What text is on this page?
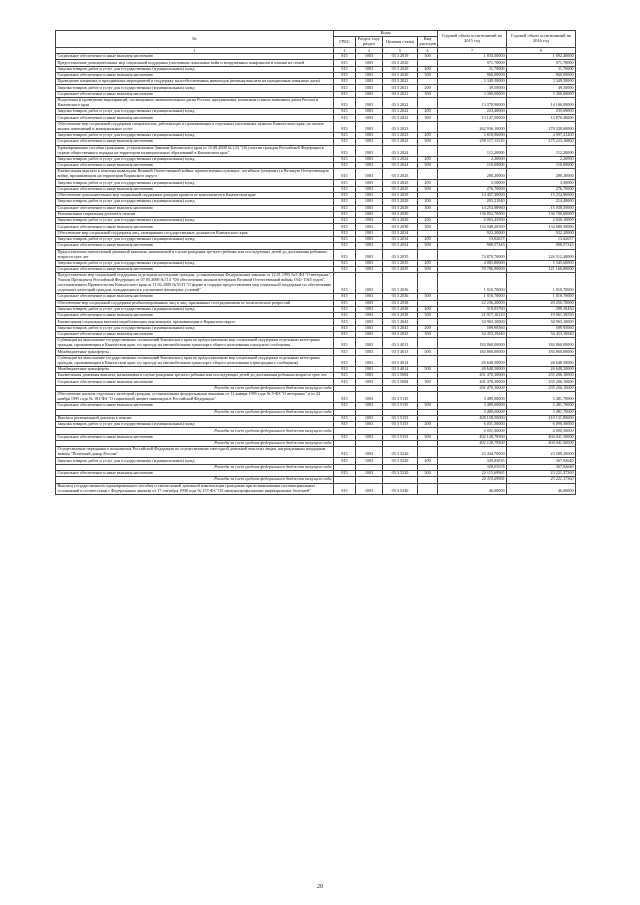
№	Коды				Годовой объем ассигнований на 2015 год	Годовой объем ассигнований на 2016 год
	ГРБС	Раздел, под-раздел	Целевая статья	Вид расходов		
1	3	4	5	6	7	8
Социальное обеспечение и иные выплаты населению	815	1003	03 3 2019	300	1 833,30000	1 692,40000
Предоставление дополнительных мер социальной поддержки участникам локальных войн и вооруженных конфликтов и членам их семей	815	1003	03 3 2020		971,70000	971,70000
Закупка товаров, работ и услуг для государственных (муниципальных) нужд	815	1003	03 3 2020	200	11,70000	11,70000
Социальное обеспечение и иные выплаты населению	815	1003	03 3 2020	300	960,00000	960,00000
Проведение памятных и праздничных мероприятий и поддержку малообеспеченных инвалидов (военная выплата на праздничные памятные даты)	815	1003	03 3 2021		3 349,50000	3 349,50000
Закупка товаров, работ и услуг для государственных (муниципальных) нужд	815	1003	03 3 2021	200	49,50000	49,50000
Социальное обеспечение и иные выплаты населению	815	1003	03 3 2021	300	3 300,00000	3 300,00000
Подготовка и проведение мероприятий, посвященных знаменательным датам России, праздничным, памятным и иным значимым датам России и Камчатского края	815	1003	03 3 2022		13 370,90000	14 106,09000
Закупка товаров, работ и услуг для государственных (муниципальных) нужд	815	1003	03 3 2022	200	223,40000	235,69000
Социальное обеспечение и иные выплаты населению	815	1003	03 3 2022	300	13 147,50000	13 870,40000
Обеспечение мер социальной поддержки специалистов, работающих и проживающих в отдельных населенных пунктах Камчатского края, по оплате жилых помещений и коммунальных услуг	815	1003	03 3 2023		262 936,10000	279 320,60000
Закупка товаров, работ и услуг для государственных (муниципальных) нужд	815	1003	03 3 2023	200	3 818,96690	4 097,41200
Социальное обеспечение и иные выплаты населению	815	1003	03 3 2023	300	259 117,13310	275 223,16800
Единовременные пособия гражданам, установленные Законом Камчатского края от 15.09.2008 № 123 "Об участии граждан Российской Федерации в охране общественного порядка на территории муниципальных образований в Камчатском крае"	815	1003	03 3 2024		112,20000	112,20000
Закупка товаров, работ и услуг для государственных (муниципальных) нужд	815	1003	03 3 2024	200	2,20000	2,20000
Социальное обеспечение и иные выплаты населению	815	1003	03 3 2024	300	110,00000	110,00000
Ежемесячная выплата к пенсиям инвалидам Великой Отечественной войны, вдовам военнослужащих, погибших (умерших) в Великую Отечественную войну, проживающим на территории Корякского округа	815	1003	03 3 2025		280,20000	280,20000
Закупка товаров, работ и услуг для государственных (муниципальных) нужд	815	1003	03 3 2025	200	3,50000	3,50000
Социальное обеспечение и иные выплаты населению	815	1003	03 3 2025	300	276,70000	276,70000
Обеспечение дополнительных мер социальной поддержки донорам крови и ее компонентов в Камчатском крае	815	1003	03 3 2029		14 457,30000	15 252,90000
Закупка товаров, работ и услуг для государственных (муниципальных) нужд	815	1003	03 3 2029	200	203,21040	214,40000
Социальное обеспечение и иные выплаты населению	815	1003	03 3 2029	300	14 254,08960	15 038,50000
Региональная социальная доплата к пенсии	815	1003	03 3 2030		136 052,70000	136 700,60000
Закупка товаров, работ и услуг для государственных (муниципальных) нужд	815	1003	03 3 2030	200	2 003,43500	2 020,10000
Социальное обеспечение и иные выплаты населению	815	1003	03 3 2030	300	134 049,26500	134 680,50000
Обеспечение мер социальной поддержки лиц, замещавших государственные должности Камчатского края	815	1003	03 3 2034		922,20000	922,20000
Закупка товаров, работ и услуг для государственных (муниципальных) нужд	815	1003	03 3 2034	200	13,62657	13,62657
Социальное обеспечение и иные выплаты населению	815	1003	03 3 2034	300	908,57343	908,57343
Предоставление ежемесячной денежной выплаты, назначаемой в случае рождения третьего ребенка или последующих детей до достижения ребенком возраста трех лет	815	1003	03 3 2035		74 870,70000	126 512,40000
Закупка товаров, работ и услуг для государственных (муниципальных) нужд	815	1003	03 3 2035	200	4 083,80000	5 345,60000
Социальное обеспечение и иные выплаты населению	815	1003	03 3 2035	300	70 786,90000	121 166,80000
Предоставление мер социальной поддержки отдельным категориям граждан, установленным Федеральным законом от 12.01.1995 №5-ФЗ "О ветеранах", Указом Президента Российской Федерации от 07.05.2008 №714 "Об обеспечении жильем ветеранов Великой Отечественной войны 1941-1945 годов", постановлением Правительства Камчатского края от 11.02.2009 №70-П "О форме и порядке предоставления мер социальной поддержки по обеспечению отдельных категорий граждан, нуждающихся в улучшении жилищных условий"	815	1003	03 3 2036		1 010,70000	1 010,70000
Социальное обеспечение и иные выплаты населению	815	1003	03 3 2036	300	1 010,70000	1 010,70000
Обеспечение мер социальной поддержки реабилитированных лиц и лиц, признанных пострадавшими от политических репрессий	815	1003	03 3 2038		22 236,20000	20 250,70000
Закупка товаров, работ и услуг для государственных (муниципальных) нужд	815	1003	03 3 2038	200	319,03790	289,30450
Социальное обеспечение и иные выплаты населению	815	1003	03 3 2038	300	21 917,16210	19 961,39550
Ежемесячная социальная выплата неработающим пенсионерам, проживающим в Корякском округе	815	1003	03 3 2043		34 963,10000	34 963,10000
Закупка товаров, работ и услуг для государственных (муниципальных) нужд	815	1003	03 3 2043	200	509,90560	509,93060
Социальное обеспечение и иные выплаты населению	815	1003	03 3 2043	300	34 453,19440	34 453,16940
Субвенции на выполнение государственных полномочий Камчатского края по предоставлению мер социальной поддержки отдельным категориям граждан, проживающим в Камчатском крае, по проезду на автомобильном транспорте общего пользования городского сообщения	815	1003	03 3 4013		184 860,00000	184 860,00000
Межбюджетные трансферты	815	1003	03 3 4013	500	184 860,00000	184 860,00000
Субвенции на выполнение государственных полномочий Камчатского края по предоставлению мер социальной поддержки отдельным категориям граждан, проживающим в Камчатском крае, по проезду на автомобильном транспорте общего пользования (пригородного сообщения)	815	1003	03 3 4014		26 648,50000	26 648,50000
Межбюджетные трансферты	815	1003	03 3 4014	500	26 648,50000	26 648,50000
Ежемесячная денежная выплата, назначаемая в случае рождения третьего ребенка или последующих детей до достижения ребенком возраста трех лет	815	1003	03 3 5084		201 470,30000	235 206,10000
Социальное обеспечение и иные выплаты населению	815	1003	03 3 5084	300	201 470,30000	235 206,10000
Расходы за счет средств федерального бюджета текущего года					201 470,30000	235 206,10000
Обеспечение жильем отдельных категорий граждан, установленных федеральными законами от 12 января 1995 года № 5-ФЗ "О ветеранах" и от 24 ноября 1995 года № 181-ФЗ "О социальной защите инвалидов в Российской Федерации"	815	1003	03 3 5135		3 489,00000	3 481,70000
Социальное обеспечение и иные выплаты населению	815	1003	03 3 5135	300	3 489,00000	3 481,70000
Расходы за счет средств федерального бюджета текущего года					3 489,00000	3 481,70000
Выплата региональной доплаты к пенсии	815	1003	03 3 5153		408 158,50000	410 131,80000
Закупка товаров, работ и услуг для государственных (муниципальных) нужд	815	1003	03 3 5153	200	6 031,50000	6 090,30000
Расходы за счет средств федерального бюджета текущего года					6 031,50000	6 090,30000
Социальное обеспечение и иные выплаты населению	815	1003	03 3 5153	300	402 128,79500	404 041,50000
Расходы за счет средств федерального бюджета текущего года					402 128,79500	404 041,50000
Осуществление переданного полномочия Российской Федерации по осуществлению ежегодной денежной выплаты лицам, награжденным нагрудным знаком "Почетный донор России"	815	1003	03 3 5220		22 444,70000	23 589,30000
Закупка товаров, работ и услуг для государственных (муниципальных) нужд	815	1003	03 3 5220	200	329,03035	367,92640
Расходы за счет средств федерального бюджета текущего года					329,03035	367,92640
Социальное обеспечение и иные выплаты населению	815	1003	03 3 5220	300	22 115,69965	23 221,37360
Расходы за счет средств федерального бюджета текущего года					22 115,69965	23 221,37360
Выплата государственного единовременного пособия и ежемесячной денежной компенсации гражданам при возникновении поствакцинальных осложнений в соответствии с Федеральным законом от 17 сентября 1998 года № 157-ФЗ "Об иммунопрофилактике инфекционных болезней"	815	1003	03 3 5240		46,00000	46,00000
20
